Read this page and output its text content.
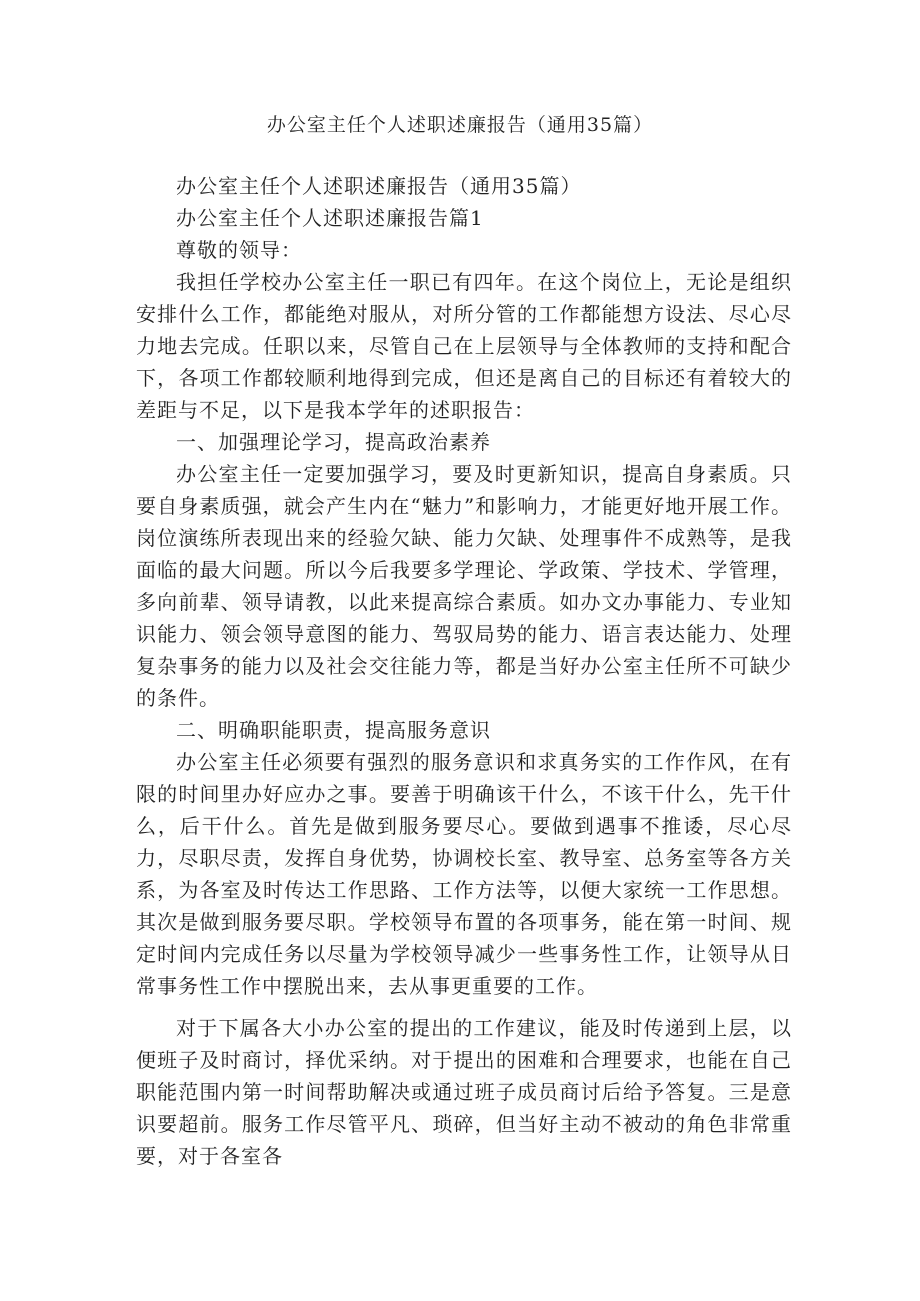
办公室主任个人述职述廉报告（通用35篇）

办公室主任个人述职述廉报告（通用35篇）

办公室主任个人述职述廉报告篇1

尊敬的领导：

我担任学校办公室主任一职已有四年。在这个岗位上，无论是组织安排什么工作，都能绝对服从，对所分管的工作都能想方设法、尽心尽力地去完成。任职以来，尽管自己在上层领导与全体教师的支持和配合下，各项工作都较顺利地得到完成，但还是离自己的目标还有着较大的差距与不足，以下是我本学年的述职报告：

一、加强理论学习，提高政治素养

办公室主任一定要加强学习，要及时更新知识，提高自身素质。只要自身素质强，就会产生内在“魅力”和影响力，才能更好地开展工作。岗位演练所表现出来的经验欠缺、能力欠缺、处理事件不成熟等，是我面临的最大问题。所以今后我要多学理论、学政策、学技术、学管理，多向前辈、领导请教，以此来提高综合素质。如办文办事能力、专业知识能力、领会领导意图的能力、驾驭局势的能力、语言表达能力、处理复杂事务的能力以及社会交往能力等，都是当好办公室主任所不可缺少的条件。

二、明确职能职责，提高服务意识

办公室主任必须要有强烈的服务意识和求真务实的工作作风，在有限的时间里办好应办之事。要善于明确该干什么，不该干什么，先干什么，后干什么。首先是做到服务要尽心。要做到遇事不推诿，尽心尽力，尽职尽责，发挥自身优势，协调校长室、教导室、总务室等各方关系，为各室及时传达工作思路、工作方法等，以便大家统一工作思想。其次是做到服务要尽职。学校领导布置的各项事务，能在第一时间、规定时间内完成任务以尽量为学校领导减少一些事务性工作，让领导从日常事务性工作中摆脱出来，去从事更重要的工作。

对于下属各大小办公室的提出的工作建议，能及时传递到上层，以便班子及时商讨，择优采纳。对于提出的困难和合理要求，也能在自己职能范围内第一时间帮助解决或通过班子成员商讨后给予答复。三是意识要超前。服务工作尽管平凡、琐碎，但当好主动不被动的角色非常重要，对于各室各
